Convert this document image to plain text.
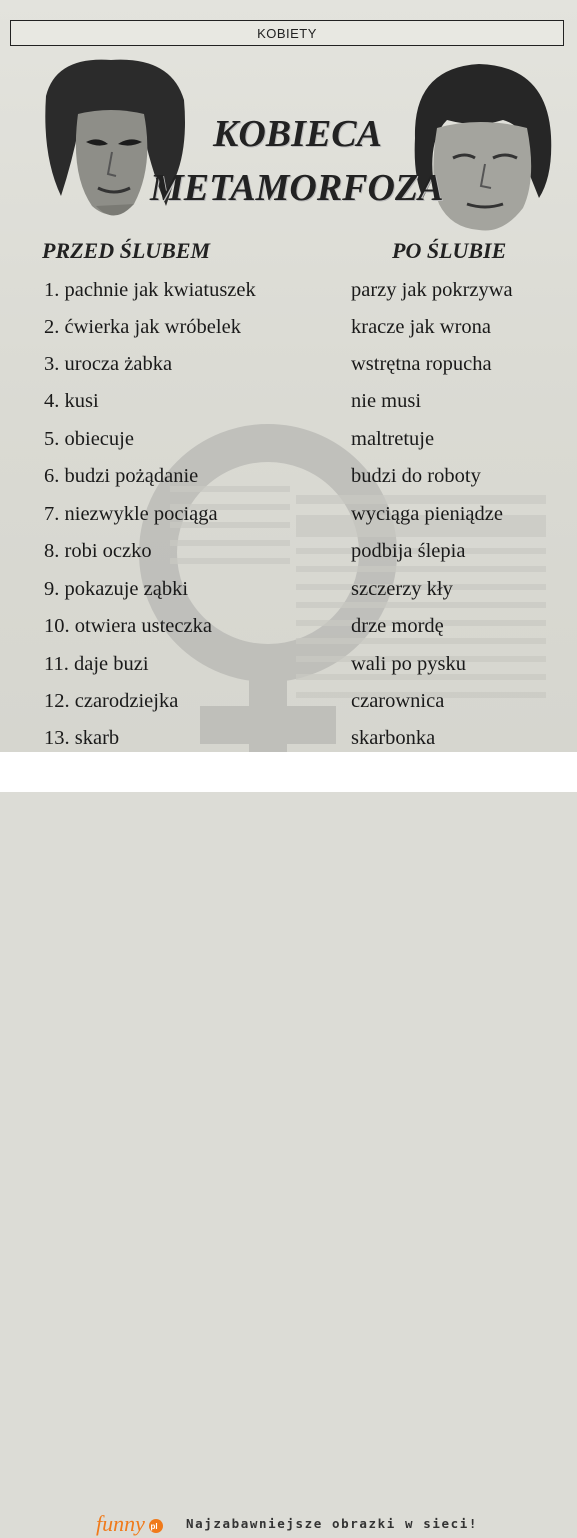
KOBIETY
KOBIECA
METAMORFOZA
PRZED ŚLUBEM	PO ŚLUBIE
1. pachnie jak kwiatuszek	parzy jak pokrzywa
2. ćwierka jak wróbelek	kracze jak wrona
3. urocza żabka	wstrętna ropucha
4. kusi	nie musi
5. obiecuje	maltretuje
6. budzi pożądanie	budzi do roboty
7. niezwykle pociąga	wyciąga pieniądze
8. robi oczko	podbija ślepia
9. pokazuje ząbki	szczerzy kły
10. otwiera usteczka	drze mordę
11. daje buzi	wali po pysku
12. czarodziejka	czarownica
13. skarb	skarbonka
funny pl Najzabawniejsze obrazki w sieci!
